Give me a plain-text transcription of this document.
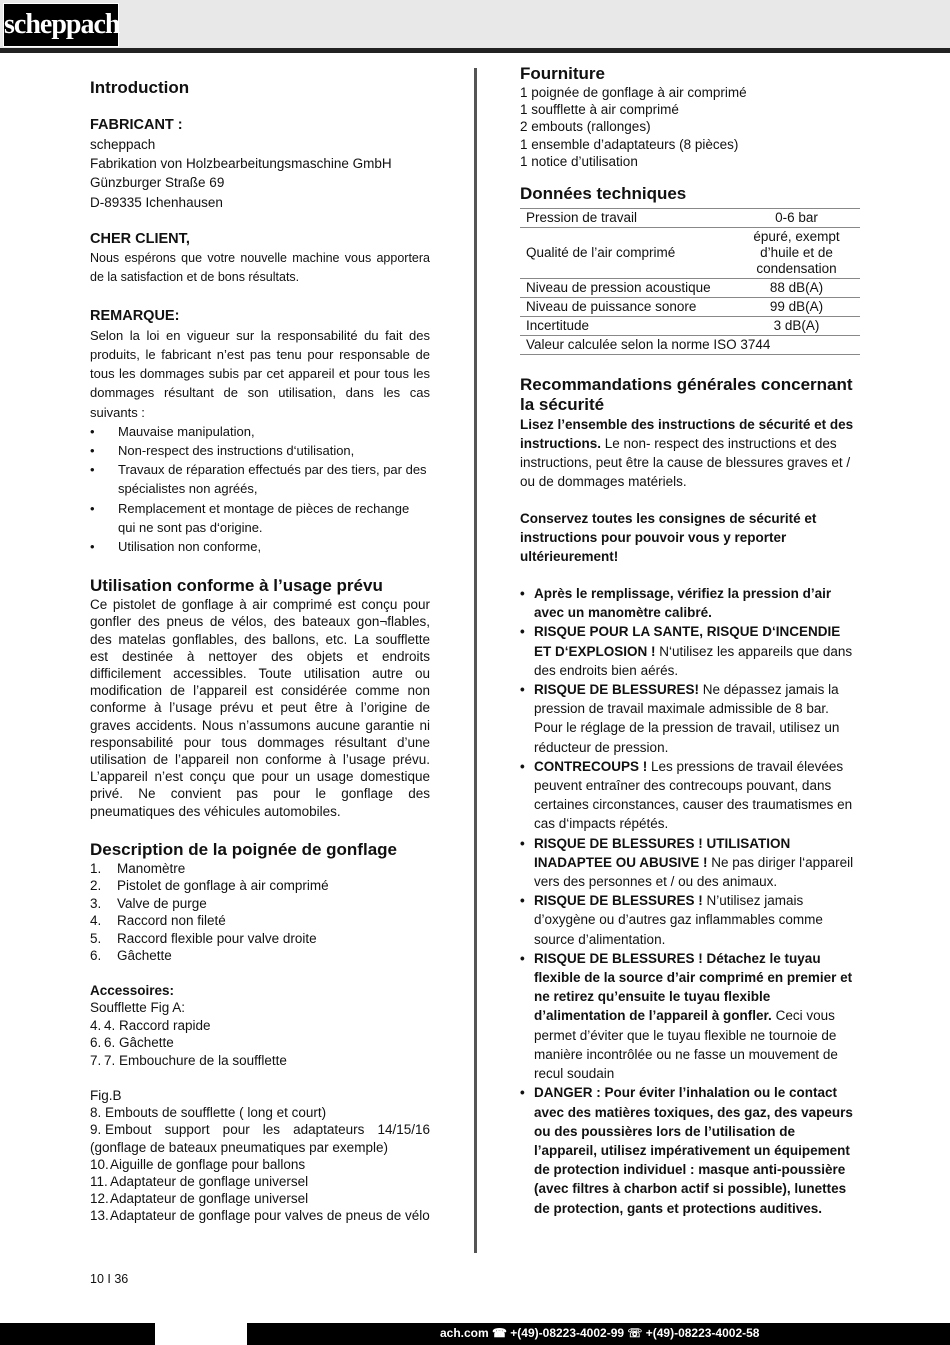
scheppach
Introduction
FABRICANT :

scheppach

Fabrikation von Holzbearbeitungsmaschine GmbH

Günzburger Straße 69

D-89335 Ichenhausen

CHER CLIENT,

Nous espérons que votre nouvelle machine vous apportera de la satisfaction et de bons résultats.

REMARQUE:

Selon la loi en vigueur sur la responsabilité du fait des produits, le fabricant n’est pas tenu pour responsable de tous les dommages subis par cet appareil et pour tous les dommages résultant de son utilisation, dans les cas suivants :

• Mauvaise manipulation,
• Non-respect des instructions d‘utilisation,
• Travaux de réparation effectués par des tiers, par des spécialistes non agréés,
• Remplacement et montage de pièces de rechange qui ne sont pas d‘origine.
• Utilisation non conforme,
Utilisation conforme à l’usage prévu

Ce pistolet de gonflage à air comprimé est conçu pour gonfler des pneus de vélos, des bateaux gon¬flables, des matelas gonflables, des ballons, etc. La soufflette est destinée à nettoyer des objets et endroits difficilement accessibles. Toute utilisation autre ou modification de l’appareil est considérée comme non conforme à l’usage prévu et peut être à l’origine de graves accidents. Nous n’assumons aucune garantie ni responsabilité pour tous dommages résultant d’une utilisation de l’appareil non conforme à l’usage prévu. L’appareil n’est conçu que pour un usage domestique privé. Ne convient pas pour le gonflage des pneumatiques des véhicules automobiles.

Description de la poignée de gonflage
1. Manomètre
2. Pistolet de gonflage à air comprimé
3. Valve de purge
4. Raccord non fileté
5. Raccord flexible pour valve droite
6. Gâchette
Accessoires:

Soufflette Fig A:

4. 4. Raccord rapide

6. 6. Gâchette

7. 7. Embouchure de la soufflette

Fig.B

8. Embouts de soufflette ( long et court)

9. Embout support pour les adaptateurs 14/15/16 (gonflage de bateaux pneumatiques par exemple)

10.Aiguille de gonflage pour ballons

11. Adaptateur de gonflage universel

12.Adaptateur de gonflage universel

13.Adaptateur de gonflage pour valves de pneus de vélo

Fourniture

1 poignée de gonflage à air comprimé

1 soufflette à air comprimé

2 embouts (rallonges)

1 ensemble d’adaptateurs (8 pièces)

1 notice d’utilisation

Données techniques
Pression de travail	0-6 bar
Qualité de l’air comprimé	épuré, exempt d’huile et de condensation
Niveau de pression acoustique	88 dB(A)
Niveau de puissance sonore	99 dB(A)
Incertitude	3 dB(A)
Valeur calculée selon la norme ISO 3744	
Recommandations générales concernant la sécurité

Lisez l’ensemble des instructions de sécurité et des instructions. Le non- respect des instructions et des instructions, peut être la cause de blessures graves et / ou de dommages matériels.

Conservez toutes les consignes de sécurité et instructions pour pouvoir vous y reporter ultérieurement!

• Après le remplissage, vérifiez la pression d’air avec un manomètre calibré.
• RISQUE POUR LA SANTE, RISQUE D‘INCENDIE ET D‘EXPLOSION ! N‘utilisez les appareils que dans des endroits bien aérés.
• RISQUE DE BLESSURES! Ne dépassez jamais la pression de travail maximale admissible de 8 bar. Pour le réglage de la pression de travail, utilisez un réducteur de pression.
• CONTRECOUPS ! Les pressions de travail élevées peuvent entraîner des contrecoups pouvant, dans certaines circonstances, causer des traumatismes en cas d‘impacts répétés.
• RISQUE DE BLESSURES ! UTILISATION INADAPTEE OU ABUSIVE ! Ne pas diriger l‘appareil vers des personnes et / ou des animaux.
• RISQUE DE BLESSURES ! N’utilisez jamais d’oxygène ou d’autres gaz inflammables comme source d’alimentation.
• RISQUE DE BLESSURES ! Détachez le tuyau flexible de la source d’air comprimé en premier et ne retirez qu’ensuite le tuyau flexible d’alimentation de l’appareil à gonfler. Ceci vous permet d’éviter que le tuyau flexible ne tournoie de manière incontrôlée ou ne fasse un mouvement de recul soudain
• DANGER : Pour éviter l’inhalation ou le contact avec des matières toxiques, des gaz, des vapeurs ou des poussières lors de l’utilisation de l’appareil, utilisez impérativement un équipement de protection individuel : masque anti-poussière (avec filtres à charbon actif si possible), lunettes de protection, gants et protections auditives.
10 I 36
ach.com ☎ +(49)-08223-4002-99 ☏ +(49)-08223-4002-58
